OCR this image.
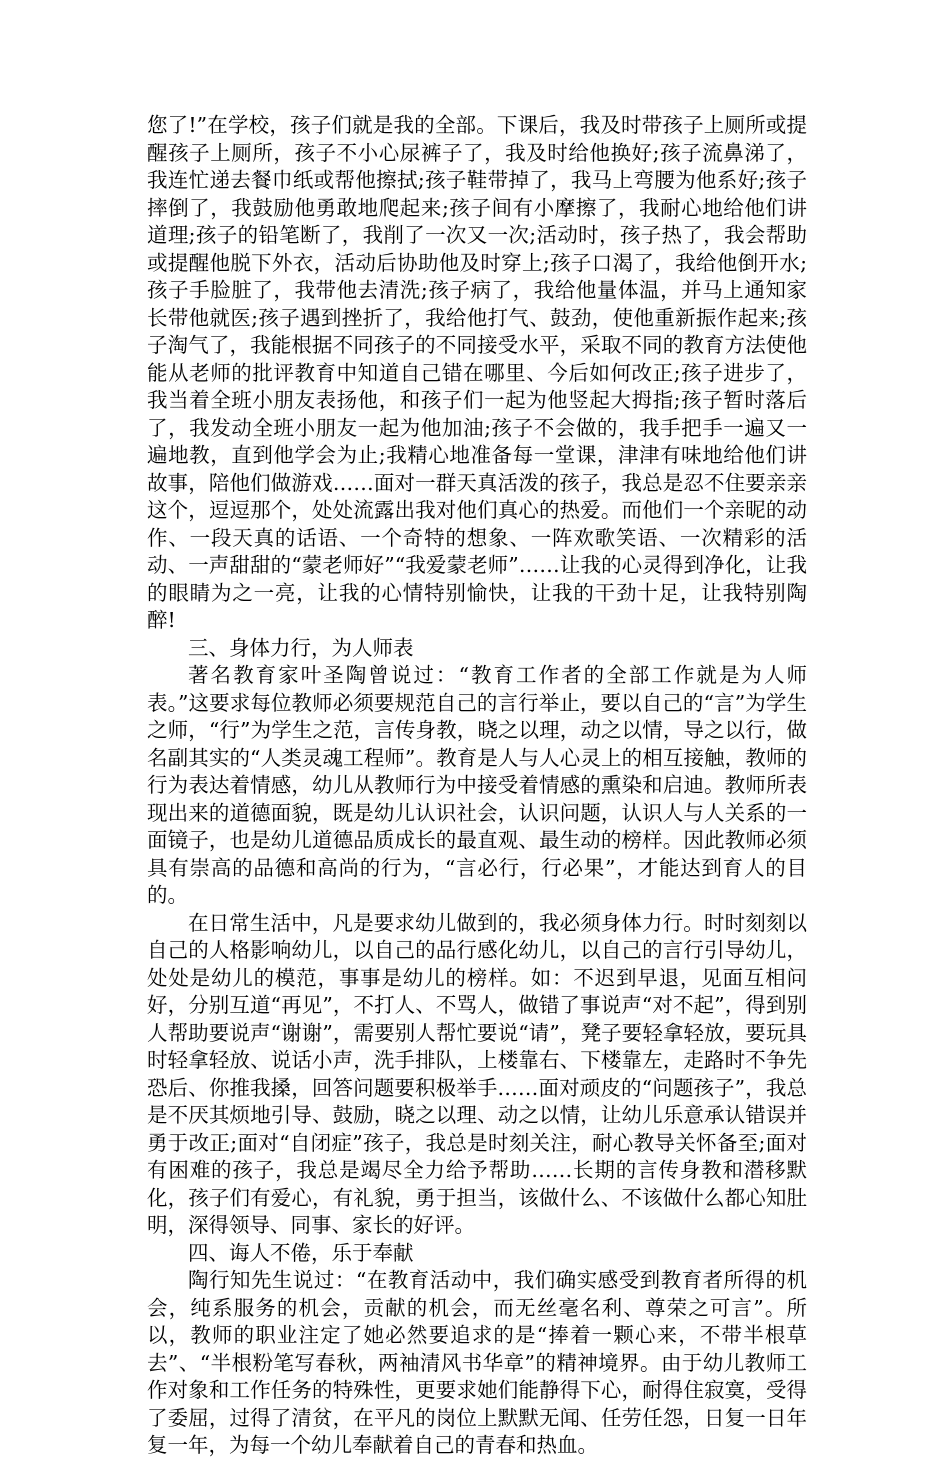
您了!”在学校，孩子们就是我的全部。下课后，我及时带孩子上厕所或提醒孩子上厕所，孩子不小心尿裤子了，我及时给他换好;孩子流鼻涕了，我连忙递去餐巾纸或帮他擦拭;孩子鞋带掉了，我马上弯腰为他系好;孩子摔倒了，我鼓励他勇敢地爬起来;孩子间有小摩擦了，我耐心地给他们讲道理;孩子的铅笔断了，我削了一次又一次;活动时，孩子热了，我会帮助或提醒他脱下外衣，活动后协助他及时穿上;孩子口渴了，我给他倒开水;孩子手脸脏了，我带他去清洗;孩子病了，我给他量体温，并马上通知家长带他就医;孩子遇到挫折了，我给他打气、鼓劲，使他重新振作起来;孩子淘气了，我能根据不同孩子的不同接受水平，采取不同的教育方法使他能从老师的批评教育中知道自己错在哪里、今后如何改正;孩子进步了，我当着全班小朋友表扬他，和孩子们一起为他竖起大拇指;孩子暂时落后了，我发动全班小朋友一起为他加油;孩子不会做的，我手把手一遍又一遍地教，直到他学会为止;我精心地准备每一堂课，津津有味地给他们讲故事，陪他们做游戏……面对一群天真活泼的孩子，我总是忍不住要亲亲这个，逗逗那个，处处流露出我对他们真心的热爱。而他们一个亲昵的动作、一段天真的话语、一个奇特的想象、一阵欢歌笑语、一次精彩的活动、一声甜甜的“蒙老师好”“我爱蒙老师”……让我的心灵得到净化，让我的眼睛为之一亮，让我的心情特别愉快，让我的干劲十足，让我特别陶醉!

三、身体力行，为人师表

著名教育家叶圣陶曾说过：“教育工作者的全部工作就是为人师表。”这要求每位教师必须要规范自己的言行举止，要以自己的“言”为学生之师，“行”为学生之范，言传身教，晓之以理，动之以情，导之以行，做名副其实的“人类灵魂工程师”。教育是人与人心灵上的相互接触，教师的行为表达着情感，幼儿从教师行为中接受着情感的熏染和启迪。教师所表现出来的道德面貌，既是幼儿认识社会，认识问题，认识人与人关系的一面镜子，也是幼儿道德品质成长的最直观、最生动的榜样。因此教师必须具有崇高的品德和高尚的行为，“言必行，行必果”，才能达到育人的目的。

在日常生活中，凡是要求幼儿做到的，我必须身体力行。时时刻刻以自己的人格影响幼儿，以自己的品行感化幼儿，以自己的言行引导幼儿，处处是幼儿的模范，事事是幼儿的榜样。如：不迟到早退，见面互相问好，分别互道“再见”，不打人、不骂人，做错了事说声“对不起”，得到别人帮助要说声“谢谢”，需要别人帮忙要说“请”，凳子要轻拿轻放，要玩具时轻拿轻放、说话小声，洗手排队，上楼靠右、下楼靠左，走路时不争先恐后、你推我搡，回答问题要积极举手……面对顽皮的“问题孩子”，我总是不厌其烦地引导、鼓励，晓之以理、动之以情，让幼儿乐意承认错误并勇于改正;面对“自闭症”孩子，我总是时刻关注，耐心教导关怀备至;面对有困难的孩子，我总是竭尽全力给予帮助……长期的言传身教和潜移默化，孩子们有爱心，有礼貌，勇于担当，该做什么、不该做什么都心知肚明，深得领导、同事、家长的好评。

四、诲人不倦，乐于奉献

陶行知先生说过：“在教育活动中，我们确实感受到教育者所得的机会，纯系服务的机会，贡献的机会，而无丝毫名利、尊荣之可言”。所以，教师的职业注定了她必然要追求的是“捧着一颗心来，不带半根草去”、“半根粉笔写春秋，两袖清风书华章”的精神境界。由于幼儿教师工作对象和工作任务的特殊性，更要求她们能静得下心，耐得住寂寞，受得了委屈，过得了清贫，在平凡的岗位上默默无闻、任劳任怨，日复一日年复一年，为每一个幼儿奉献着自己的青春和热血。
